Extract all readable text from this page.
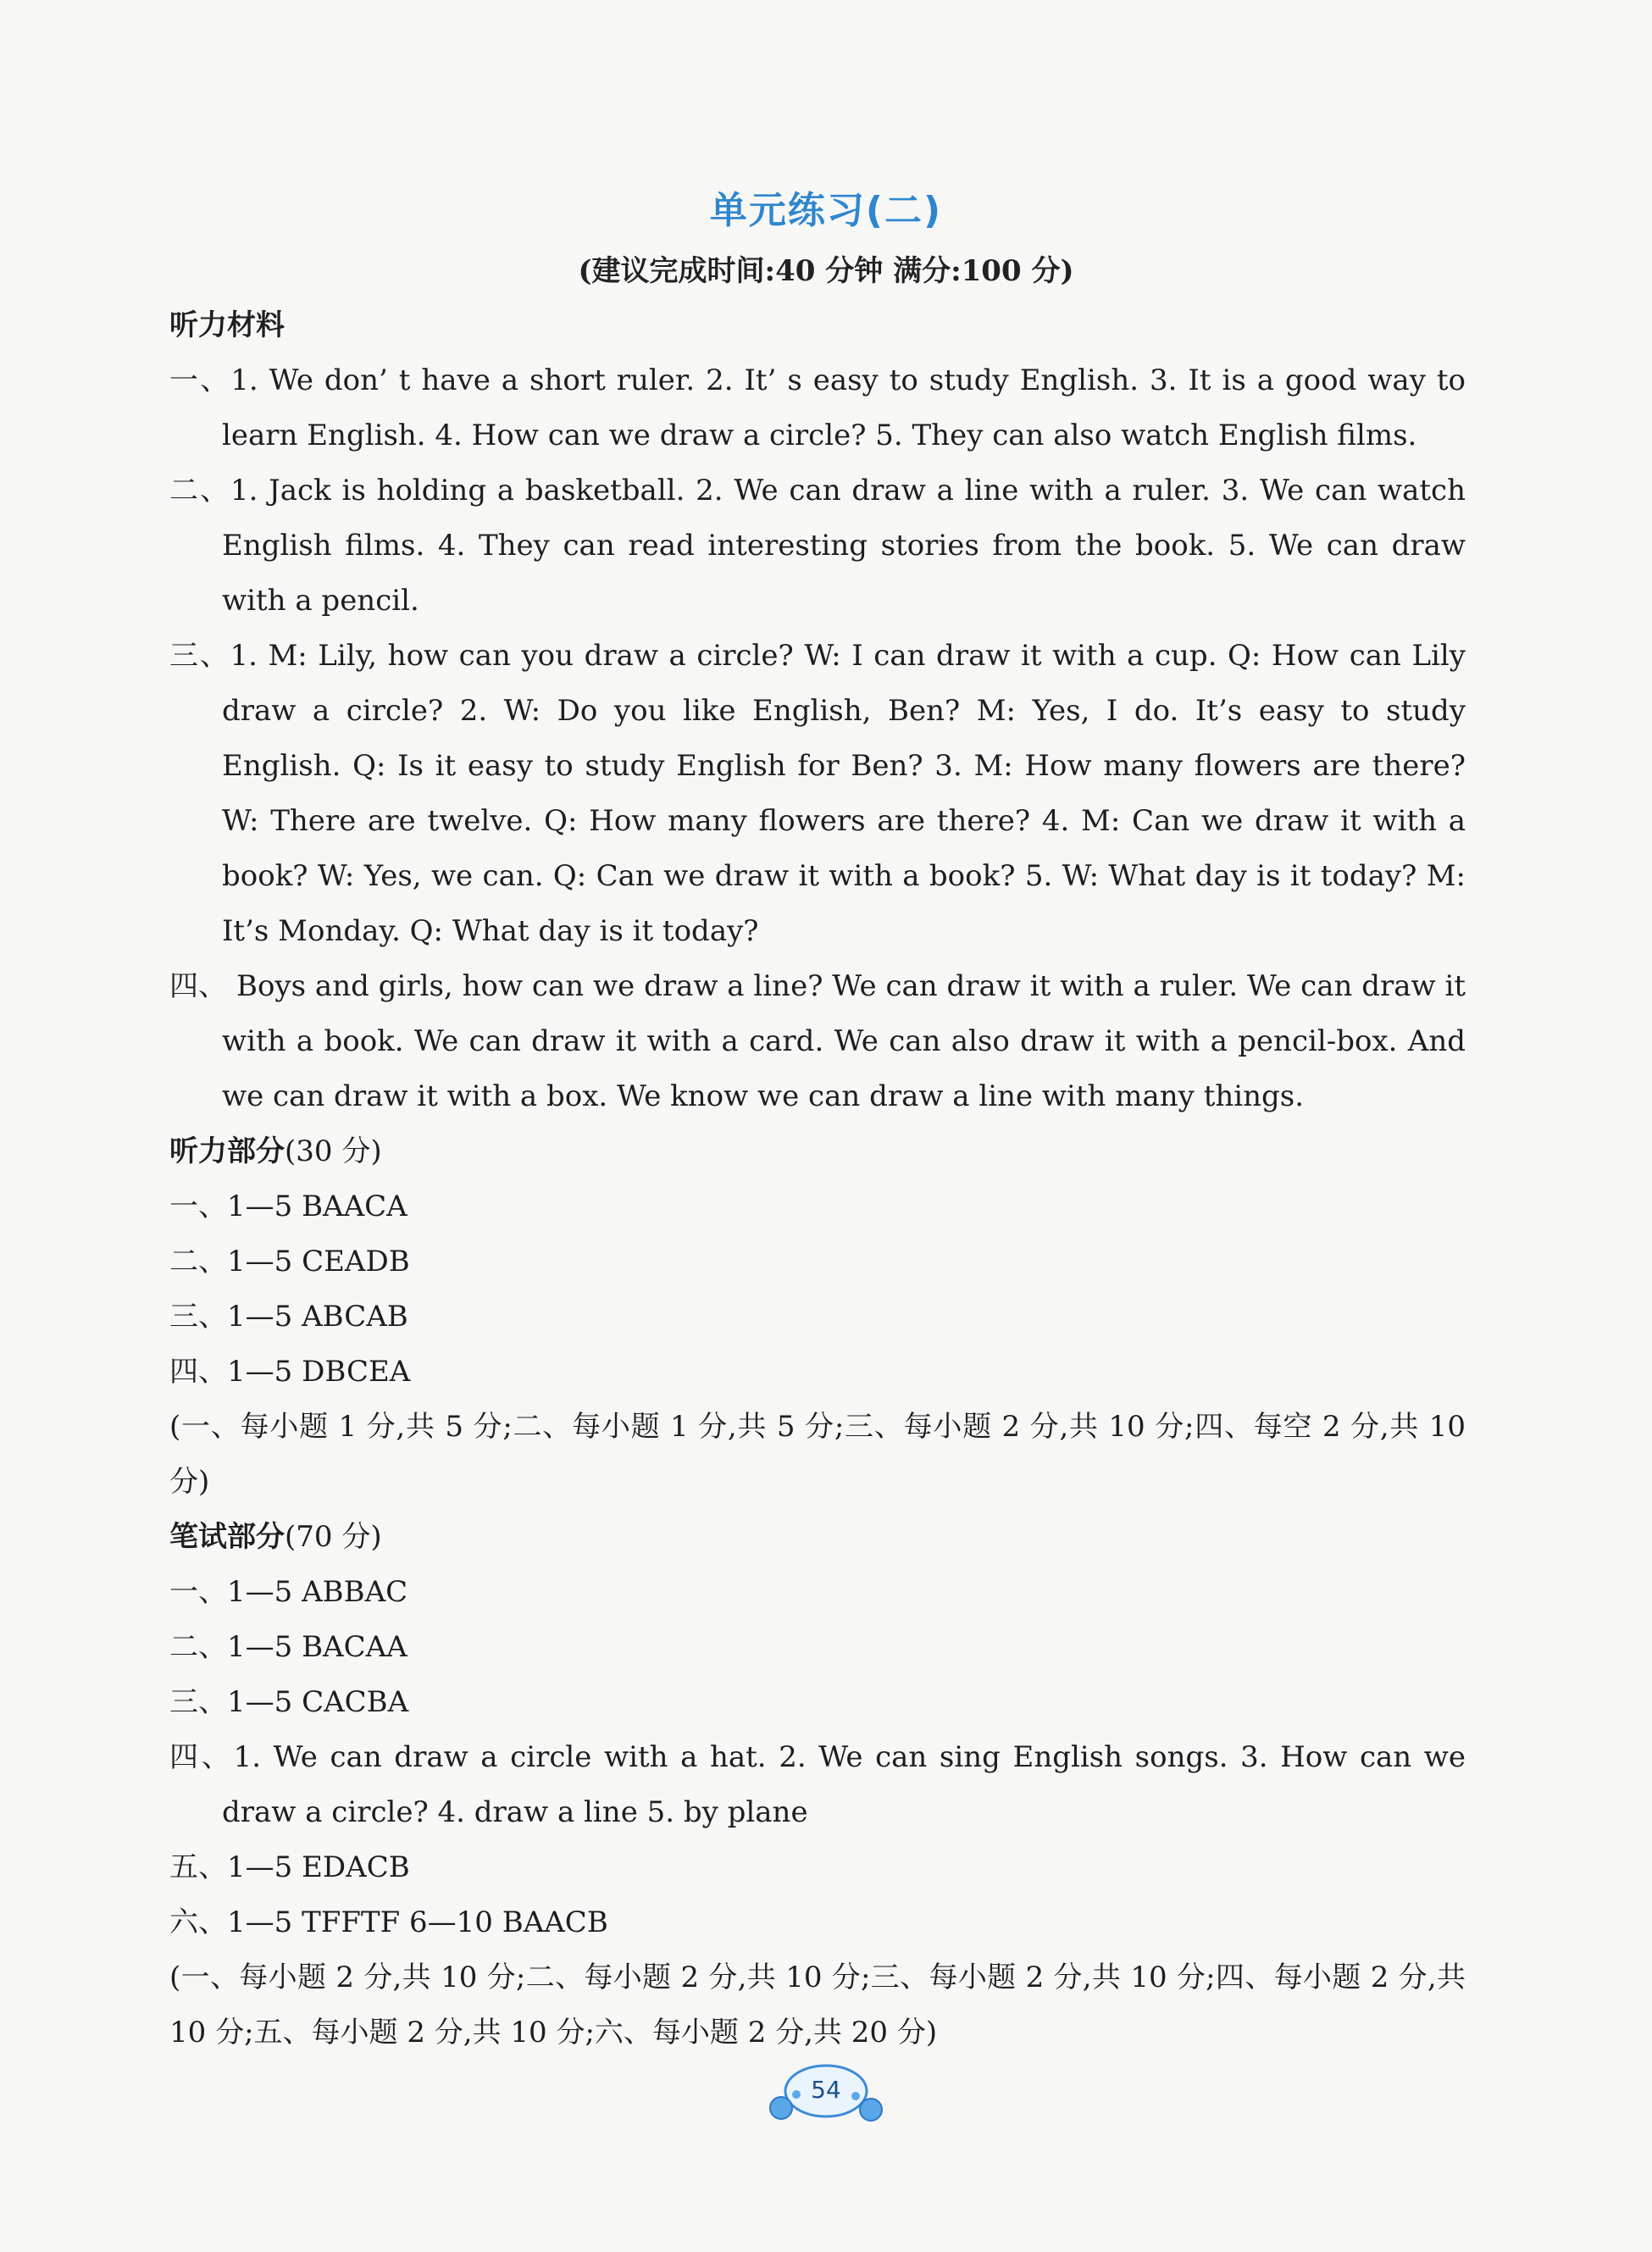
单元练习(二)
(建议完成时间:40 分钟 满分:100 分)
听力材料
一、1. We don’ t have a short ruler. 2. It’ s easy to study English. 3. It is a good way to learn English. 4. How can we draw a circle? 5. They can also watch English films.
二、1. Jack is holding a basketball. 2. We can draw a line with a ruler. 3. We can watch English films. 4. They can read interesting stories from the book. 5. We can draw with a pencil.
三、1. M: Lily, how can you draw a circle? W: I can draw it with a cup. Q: How can Lily draw a circle? 2. W: Do you like English, Ben? M: Yes, I do. It’s easy to study English. Q: Is it easy to study English for Ben? 3. M: How many flowers are there? W: There are twelve. Q: How many flowers are there? 4. M: Can we draw it with a book? W: Yes, we can. Q: Can we draw it with a book? 5. W: What day is it today? M: It’s Monday. Q: What day is it today?
四、 Boys and girls, how can we draw a line? We can draw it with a ruler. We can draw it with a book. We can draw it with a card. We can also draw it with a pencil-box. And we can draw it with a box. We know we can draw a line with many things.
听力部分(30 分)
一、1—5 BAACA
二、1—5 CEADB
三、1—5 ABCAB
四、1—5 DBCEA
(一、每小题 1 分,共 5 分;二、每小题 1 分,共 5 分;三、每小题 2 分,共 10 分;四、每空 2 分,共 10 分)
笔试部分(70 分)
一、1—5 ABBAC
二、1—5 BACAA
三、1—5 CACBA
四、1. We can draw a circle with a hat. 2. We can sing English songs. 3. How can we draw a circle? 4. draw a line 5. by plane
五、1—5 EDACB
六、1—5 TFFTF 6—10 BAACB
(一、每小题 2 分,共 10 分;二、每小题 2 分,共 10 分;三、每小题 2 分,共 10 分;四、每小题 2 分,共 10 分;五、每小题 2 分,共 10 分;六、每小题 2 分,共 20 分)
54
